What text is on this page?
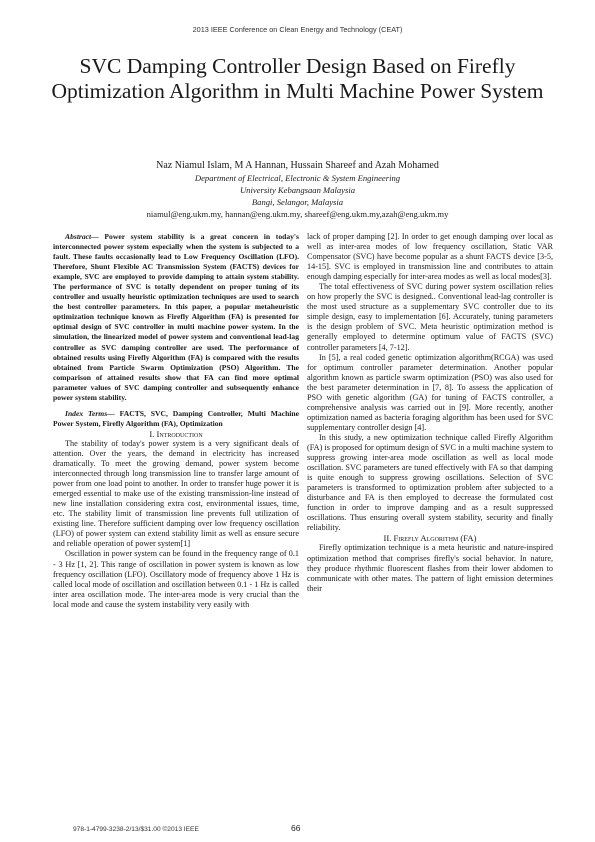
2013 IEEE Conference on Clean Energy and Technology (CEAT)
SVC Damping Controller Design Based on Firefly Optimization Algorithm in Multi Machine Power System
Naz Niamul Islam, M A Hannan, Hussain Shareef and Azah Mohamed
Department of Electrical, Electronic & System Engineering
University Kebangsaan Malaysia
Bangi, Selangor, Malaysia
niamul@eng.ukm.my, hannan@eng.ukm.my, shareef@eng.ukm.my,azah@eng.ukm.my

Abstract— Power system stability is a great concern in today's interconnected power system especially when the system is subjected to a fault. These faults occasionally lead to Low Frequency Oscillation (LFO). Therefore, Shunt Flexible AC Transmission System (FACTS) devices for example, SVC are employed to provide damping to attain system stability. The performance of SVC is totally dependent on proper tuning of its controller and usually heuristic optimization techniques are used to search the best controller parameters. In this paper, a popular metaheuristic optimization technique known as Firefly Algorithm (FA) is presented for optimal design of SVC controller in multi machine power system. In the simulation, the linearized model of power system and conventional lead-lag controller as SVC damping controller are used. The performance of obtained results using Firefly Algorithm (FA) is compared with the results obtained from Particle Swarm Optimization (PSO) Algorithm. The comparison of attained results show that FA can find more optimal parameter values of SVC damping controller and subsequently enhance power system stability.

Index Terms— FACTS, SVC, Damping Controller, Multi Machine Power System, Firefly Algorithm (FA), Optimization

I. Introduction

The stability of today's power system is a very significant deals of attention. Over the years, the demand in electricity has increased dramatically. To meet the growing demand, power system become interconnected through long transmission line to transfer large amount of power from one load point to another. In order to transfer huge power it is emerged essential to make use of the existing transmission-line instead of new line installation considering extra cost, environmental issues, time, etc. The stability limit of transmission line prevents full utilization of existing line. Therefore sufficient damping over low frequency oscillation (LFO) of power system can extend stability limit as well as ensure secure and reliable operation of power system[1]

Oscillation in power system can be found in the frequency range of 0.1 - 3 Hz [1, 2]. This range of oscillation in power system is known as low frequency oscillation (LFO). Oscillatory mode of frequency above 1 Hz is called local mode of oscillation and oscillation between 0.1 - 1 Hz is called inter area oscillation mode. The inter-area mode is very crucial than the local mode and cause the system instability very easily with

lack of proper damping [2]. In order to get enough damping over local as well as inter-area modes of low frequency oscillation, Static VAR Compensator (SVC) have become popular as a shunt FACTS device [3-5, 14-15]. SVC is employed in transmission line and contributes to attain enough damping especially for inter-area modes as well as local modes[3].

The total effectiveness of SVC during power system oscillation relies on how properly the SVC is designed.. Conventional lead-lag controller is the most used structure as a supplementary SVC controller due to its simple design, easy to implementation [6]. Accurately, tuning parameters is the design problem of SVC. Meta heuristic optimization method is generally employed to determine optimum value of FACTS (SVC) controller parameters [4, 7-12].

In [5], a real coded genetic optimization algorithm(RCGA) was used for optimum controller parameter determination. Another popular algorithm known as particle swarm optimization (PSO) was also used for the best parameter determination in [7, 8]. To assess the application of PSO with genetic algorithm (GA) for tuning of FACTS controller, a comprehensive analysis was carried out in [9]. More recently, another optimization named as bacteria foraging algorithm has been used for SVC supplementary controller design [4].

In this study, a new optimization technique called Firefly Algorithm (FA) is proposed for optimum design of SVC in a multi machine system to suppress growing inter-area mode oscillation as well as local mode oscillation. SVC parameters are tuned effectively with FA so that damping is quite enough to suppress growing oscillations. Selection of SVC parameters is transformed to optimization problem after subjected to a disturbance and FA is then employed to decrease the formulated cost function in order to improve damping and as a result suppressed oscillations. Thus ensuring overall system stability, security and finally reliability.

II. Firefly Algorithm (FA)

Firefly optimization technique is a meta heuristic and nature-inspired optimization method that comprises firefly's social behavior. In nature, they produce rhythmic fluorescent flashes from their lower abdomen to communicate with other mates. The pattern of light emission determines their

978-1-4799-3238-2/13/$31.00 ©2013 IEEE	66
